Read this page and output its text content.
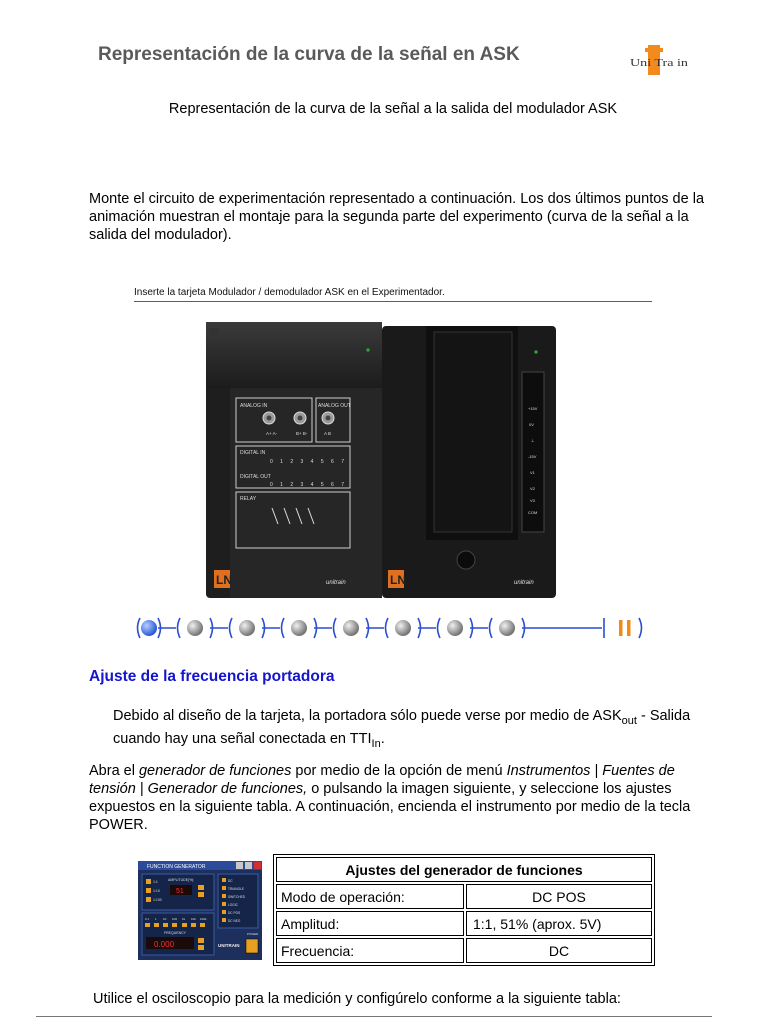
Representación de la curva de la señal en ASK	Uni Tra in

Representación de la curva de la señal a la salida del modulador ASK

Monte el circuito de experimentación representado a continuación. Los dos últimos puntos de la animación muestran el montaje para la segunda parte del experimento (curva de la señal a la salida del modulador).

Inserte la tarjeta Modulador / demodulador ASK en el Experimentador.
ANALOG IN
A+ A-	B+ B-
ANALOG OUT
A B
DIGITAL IN
0 1 2 3 4 5 6 7
DIGITAL OUT
0 1 2 3 4 5 6 7
RELAY
LN	unitrain
+15V
0V
⊥
-15V
V1
V2
V3
COM
LN	unitrain
Ajuste de la frecuencia portadora

Debido al diseño de la tarjeta, la portadora sólo puede verse por medio de $ASK_{out}$ - Salida cuando hay una señal conectada en $TTI_{In}$.

Abra el generador de funciones por medio de la opción de menú Instrumentos | Fuentes de tensión | Generador de funciones, o pulsando la imagen siguiente, y seleccione los ajustes expuestos en la siguiente tabla. A continuación, encienda el instrumento por medio de la tecla POWER.

FUNCTION GENERATOR
1:1
1:10
1:100
AMPLITUDE(%)
51
DC
TRIANGLE
SWITCHED
LOGIC
DC POS
DC NEG
0.1 1 10 100 1k 10k 100k
FREQUENCY
0.000	UNITRAIN
POWER
Ajustes del generador de funciones	
Modo de operación:	DC POS
Amplitud:	1:1, 51% (aprox. 5V)
Frecuencia:	DC

Utilice el osciloscopio para la medición y configúrelo conforme a la siguiente tabla:
